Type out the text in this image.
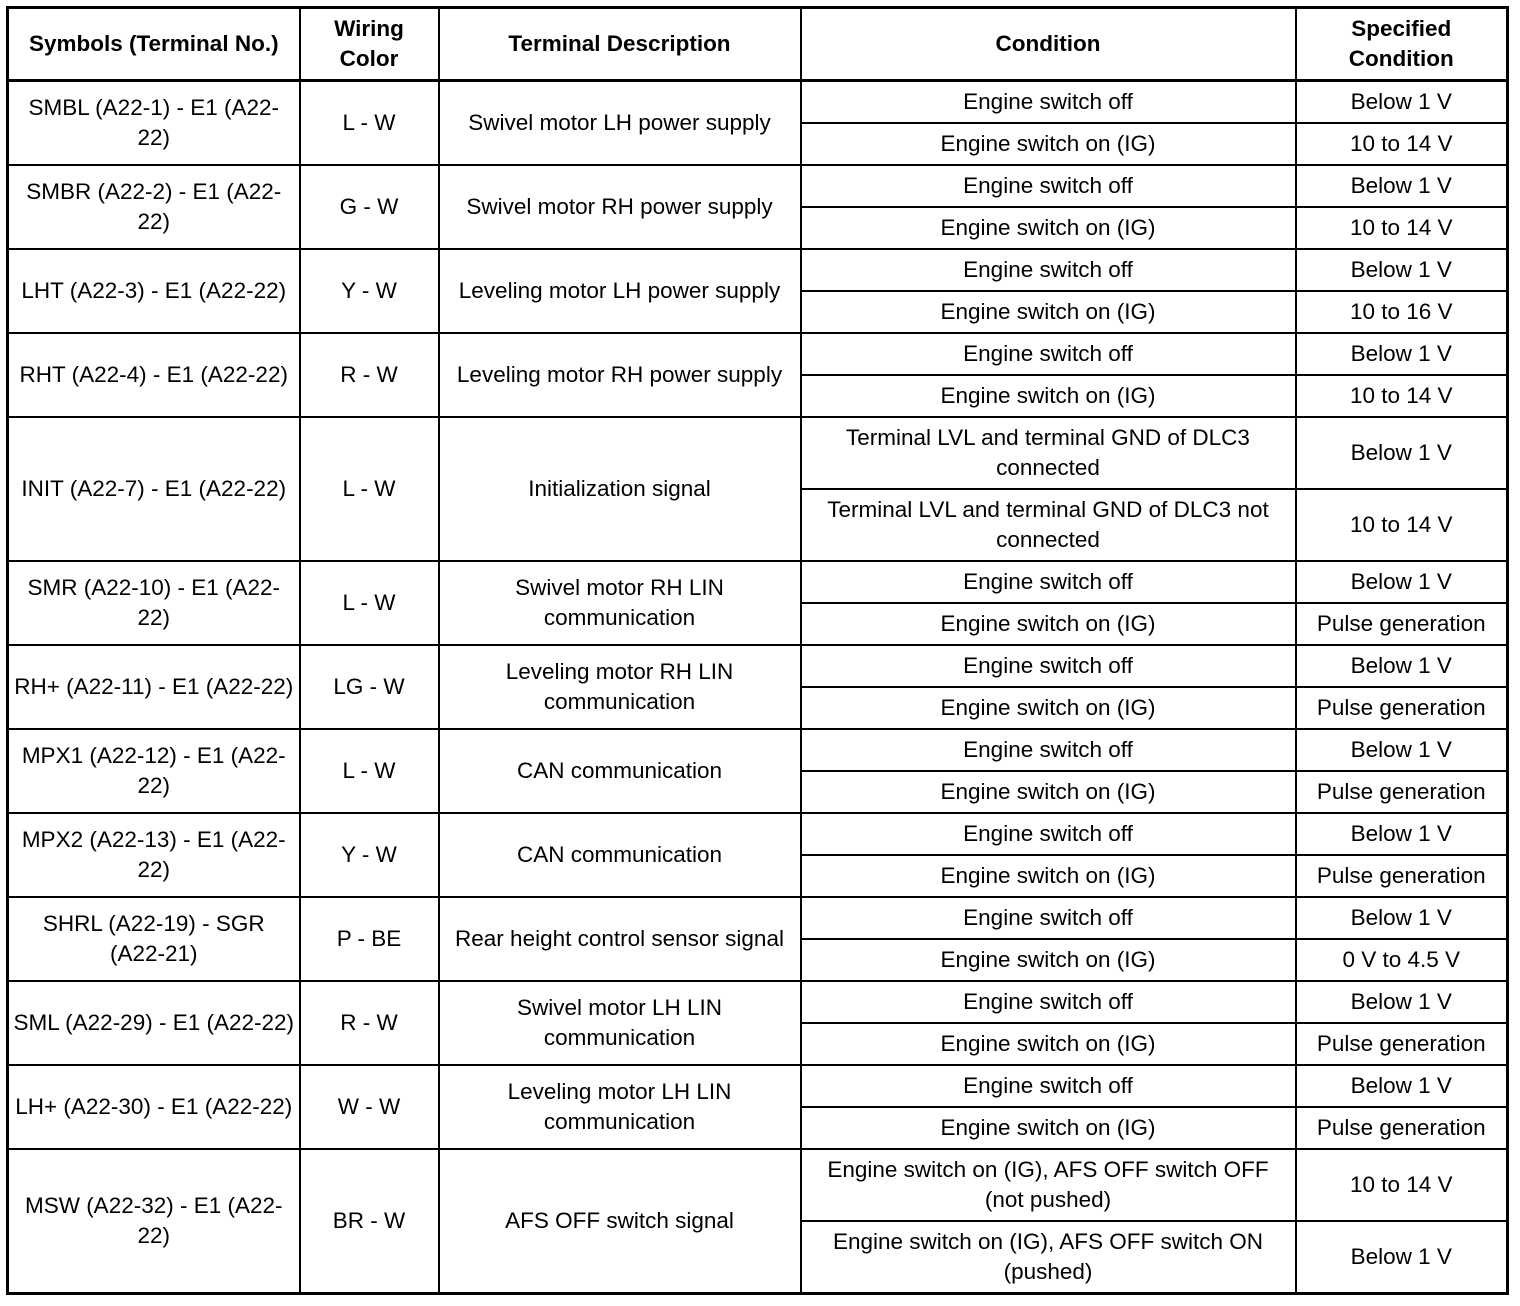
Symbols (Terminal No.)	Wiring Color	Terminal Description	Condition	Specified Condition
SMBL (A22-1) - E1 (A22-22)	L - W	Swivel motor LH power supply	Engine switch off	Below 1 V
			Engine switch on (IG)	10 to 14 V
SMBR (A22-2) - E1 (A22-22)	G - W	Swivel motor RH power supply	Engine switch off	Below 1 V
			Engine switch on (IG)	10 to 14 V
LHT (A22-3) - E1 (A22-22)	Y - W	Leveling motor LH power supply	Engine switch off	Below 1 V
			Engine switch on (IG)	10 to 16 V
RHT (A22-4) - E1 (A22-22)	R - W	Leveling motor RH power supply	Engine switch off	Below 1 V
			Engine switch on (IG)	10 to 14 V
INIT (A22-7) - E1 (A22-22)	L - W	Initialization signal	Terminal LVL and terminal GND of DLC3 connected	Below 1 V
			Terminal LVL and terminal GND of DLC3 not connected	10 to 14 V
SMR (A22-10) - E1 (A22-22)	L - W	Swivel motor RH LIN communication	Engine switch off	Below 1 V
			Engine switch on (IG)	Pulse generation
RH+ (A22-11) - E1 (A22-22)	LG - W	Leveling motor RH LIN communication	Engine switch off	Below 1 V
			Engine switch on (IG)	Pulse generation
MPX1 (A22-12) - E1 (A22-22)	L - W	CAN communication	Engine switch off	Below 1 V
			Engine switch on (IG)	Pulse generation
MPX2 (A22-13) - E1 (A22-22)	Y - W	CAN communication	Engine switch off	Below 1 V
			Engine switch on (IG)	Pulse generation
SHRL (A22-19) - SGR (A22-21)	P - BE	Rear height control sensor signal	Engine switch off	Below 1 V
			Engine switch on (IG)	0 V to 4.5 V
SML (A22-29) - E1 (A22-22)	R - W	Swivel motor LH LIN communication	Engine switch off	Below 1 V
			Engine switch on (IG)	Pulse generation
LH+ (A22-30) - E1 (A22-22)	W - W	Leveling motor LH LIN communication	Engine switch off	Below 1 V
			Engine switch on (IG)	Pulse generation
MSW (A22-32) - E1 (A22-22)	BR - W	AFS OFF switch signal	Engine switch on (IG), AFS OFF switch OFF (not pushed)	10 to 14 V
			Engine switch on (IG), AFS OFF switch ON (pushed)	Below 1 V
